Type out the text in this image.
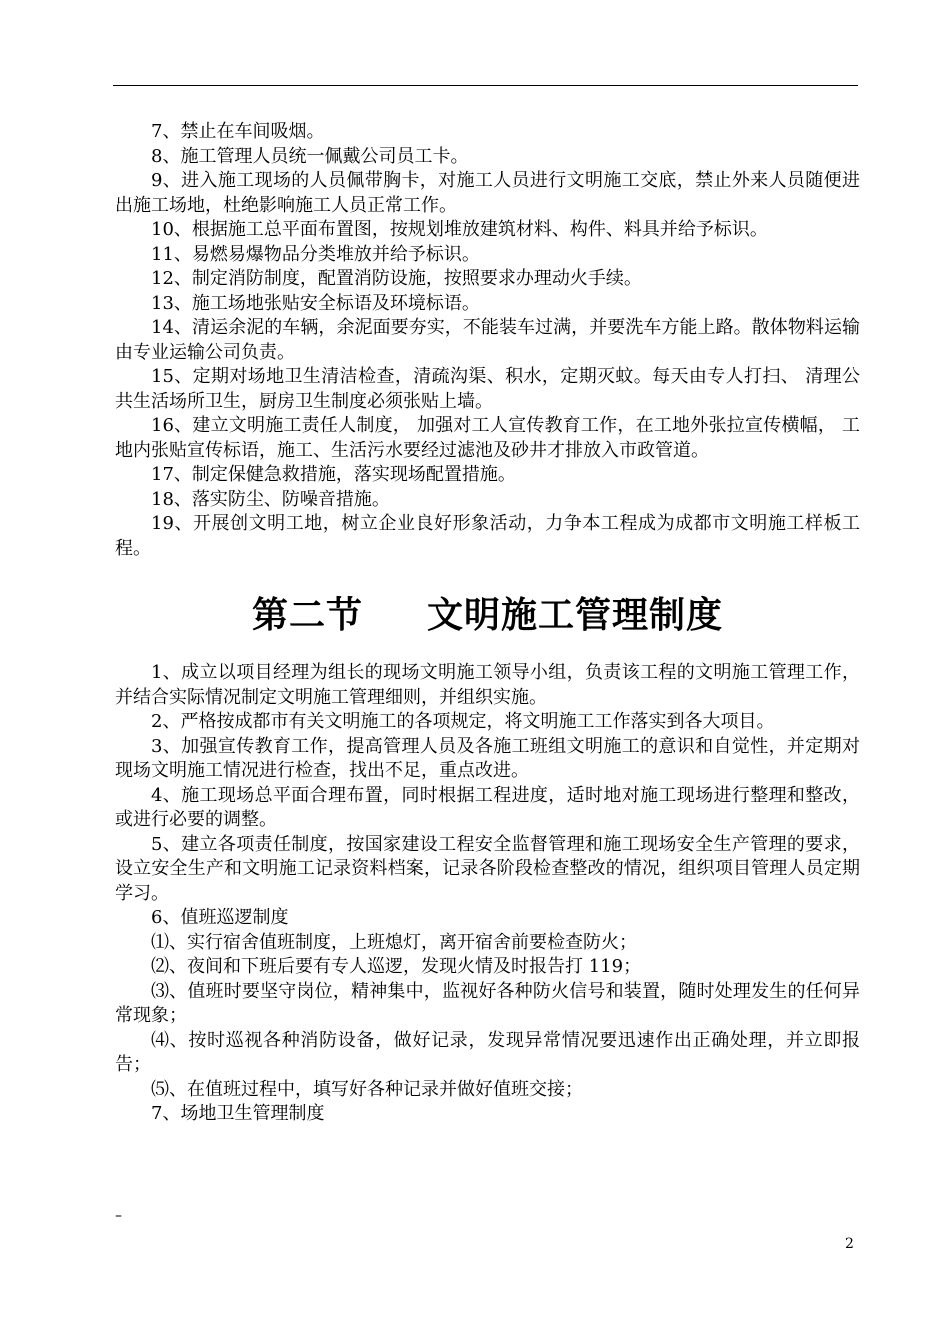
7、禁止在车间吸烟。

8、施工管理人员统一佩戴公司员工卡。

9、进入施工现场的人员佩带胸卡，对施工人员进行文明施工交底，禁止外来人员随便进出施工场地，杜绝影响施工人员正常工作。

10、根据施工总平面布置图，按规划堆放建筑材料、构件、料具并给予标识。

11、易燃易爆物品分类堆放并给予标识。

12、制定消防制度，配置消防设施，按照要求办理动火手续。

13、施工场地张贴安全标语及环境标语。

14、清运余泥的车辆，余泥面要夯实，不能装车过满，并要洗车方能上路。散体物料运输由专业运输公司负责。

15、定期对场地卫生清洁检查，清疏沟渠、积水，定期灭蚊。每天由专人打扫、 清理公共生活场所卫生，厨房卫生制度必须张贴上墙。

16、建立文明施工责任人制度， 加强对工人宣传教育工作，在工地外张拉宣传横幅， 工地内张贴宣传标语，施工、生活污水要经过滤池及砂井才排放入市政管道。

17、制定保健急救措施，落实现场配置措施。

18、落实防尘、防噪音措施。

19、开展创文明工地，树立企业良好形象活动，力争本工程成为成都市文明施工样板工程。

第二节 文明施工管理制度

1、成立以项目经理为组长的现场文明施工领导小组，负责该工程的文明施工管理工作，并结合实际情况制定文明施工管理细则，并组织实施。

2、严格按成都市有关文明施工的各项规定，将文明施工工作落实到各大项目。

3、加强宣传教育工作，提高管理人员及各施工班组文明施工的意识和自觉性，并定期对现场文明施工情况进行检查，找出不足，重点改进。

4、施工现场总平面合理布置，同时根据工程进度，适时地对施工现场进行整理和整改，或进行必要的调整。

5、建立各项责任制度，按国家建设工程安全监督管理和施工现场安全生产管理的要求，设立安全生产和文明施工记录资料档案，记录各阶段检查整改的情况，组织项目管理人员定期学习。

6、值班巡逻制度

⑴、实行宿舍值班制度，上班熄灯，离开宿舍前要检查防火；

⑵、夜间和下班后要有专人巡逻，发现火情及时报告打 119；

⑶、值班时要坚守岗位，精神集中，监视好各种防火信号和装置，随时处理发生的任何异常现象；

⑷、按时巡视各种消防设备，做好记录，发现异常情况要迅速作出正确处理，并立即报告；

⑸、在值班过程中，填写好各种记录并做好值班交接；

7、场地卫生管理制度

–
2
